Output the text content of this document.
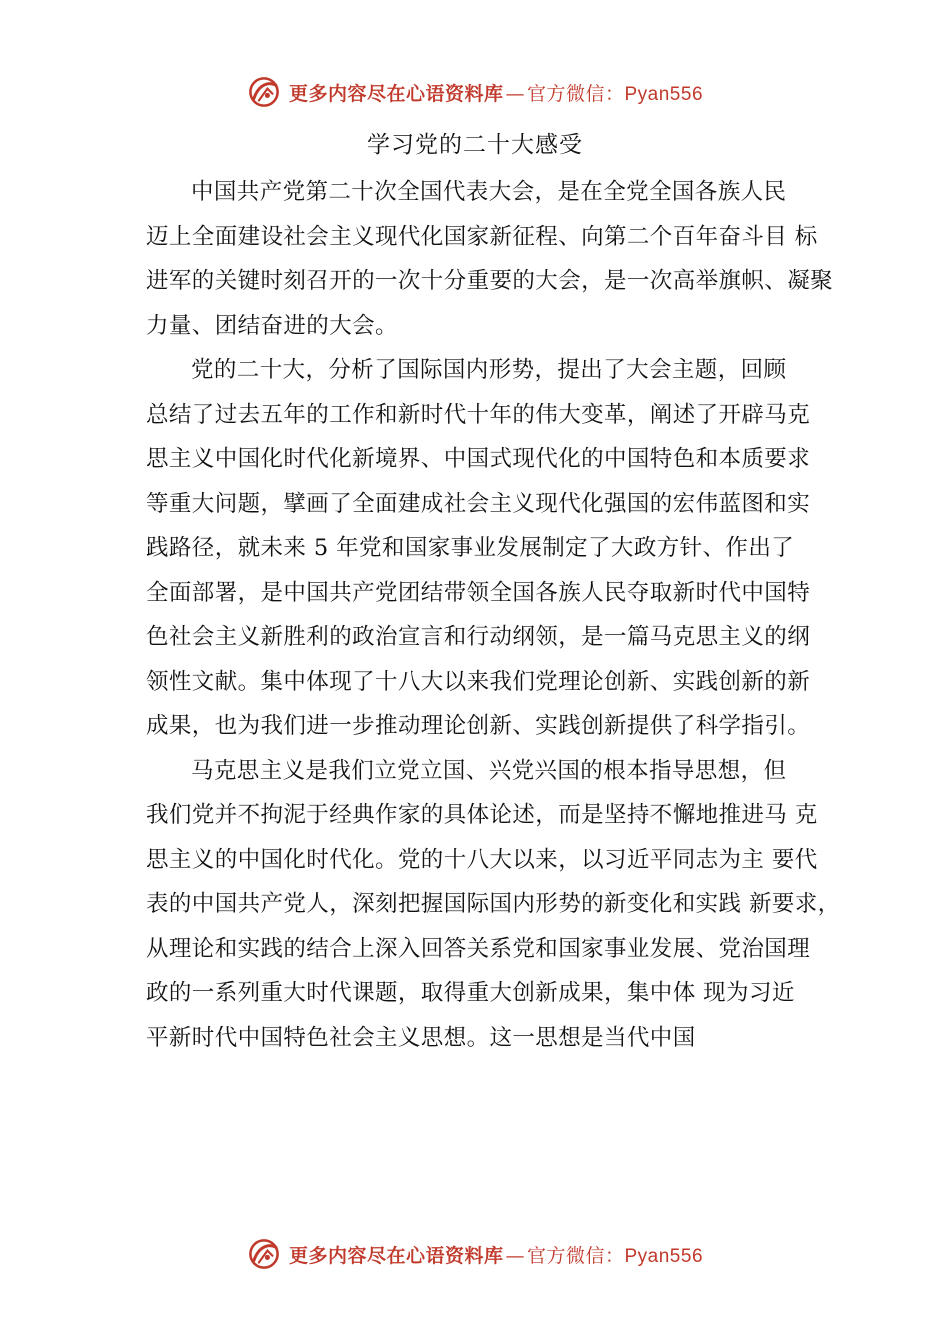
更多内容尽在心语资料库 — 官方微信：Pyan556
学习党的二十大感受

中国共产党第二十次全国代表大会，是在全党全国各族人民
迈上全面建设社会主义现代化国家新征程、向第二个百年奋斗目 标
进军的关键时刻召开的一次十分重要的大会，是一次高举旗帜、凝聚
力量、团结奋进的大会。

党的二十大，分析了国际国内形势，提出了大会主题，回顾
总结了过去五年的工作和新时代十年的伟大变革，阐述了开辟马克
思主义中国化时代化新境界、中国式现代化的中国特色和本质要求
等重大问题，擘画了全面建成社会主义现代化强国的宏伟蓝图和实
践路径，就未来 5 年党和国家事业发展制定了大政方针、作出了
全面部署，是中国共产党团结带领全国各族人民夺取新时代中国特
色社会主义新胜利的政治宣言和行动纲领，是一篇马克思主义的纲
领性文献。集中体现了十八大以来我们党理论创新、实践创新的新
成果，也为我们进一步推动理论创新、实践创新提供了科学指引。

马克思主义是我们立党立国、兴党兴国的根本指导思想，但
我们党并不拘泥于经典作家的具体论述，而是坚持不懈地推进马 克
思主义的中国化时代化。党的十八大以来，以习近平同志为主 要代
表的中国共产党人，深刻把握国际国内形势的新变化和实践 新要求，
从理论和实践的结合上深入回答关系党和国家事业发展、党治国理
政的一系列重大时代课题，取得重大创新成果，集中体 现为习近
平新时代中国特色社会主义思想。这一思想是当代中国

更多内容尽在心语资料库 — 官方微信：Pyan556
